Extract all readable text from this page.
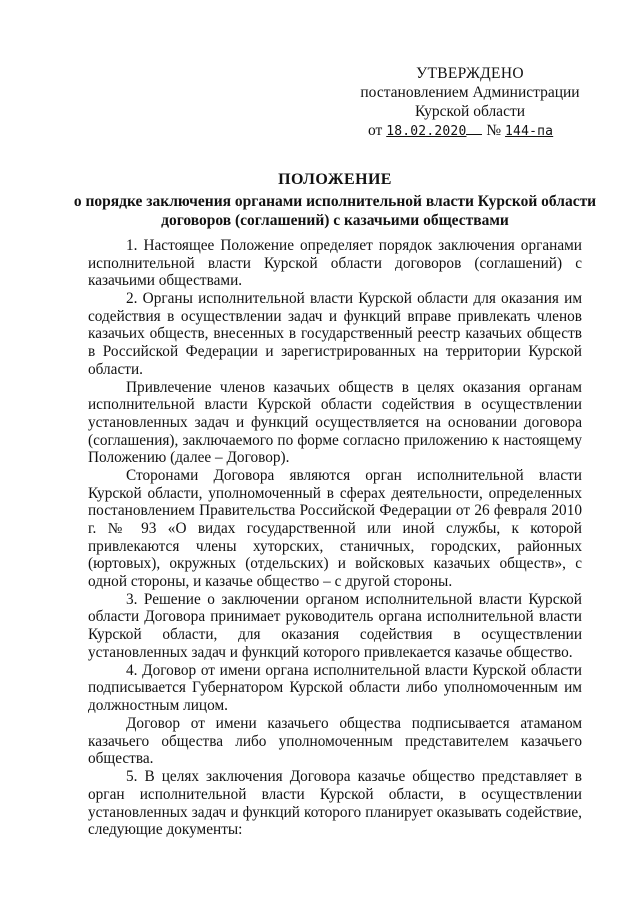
УТВЕРЖДЕНО
постановлением Администрации
Курской области
от 18.02.2020 № 144-па
ПОЛОЖЕНИЕ
о порядке заключения органами исполнительной власти Курской области договоров (соглашений) с казачьими обществами

1. Настоящее Положение определяет порядок заключения органами исполнительной власти Курской области договоров (соглашений) с казачьими обществами.

2. Органы исполнительной власти Курской области для оказания им содействия в осуществлении задач и функций вправе привлекать членов казачьих обществ, внесенных в государственный реестр казачьих обществ в Российской Федерации и зарегистрированных на территории Курской области.

Привлечение членов казачьих обществ в целях оказания органам исполнительной власти Курской области содействия в осуществлении установленных задач и функций осуществляется на основании договора (соглашения), заключаемого по форме согласно приложению к настоящему Положению (далее – Договор).

Сторонами Договора являются орган исполнительной власти Курской области, уполномоченный в сферах деятельности, определенных постановлением Правительства Российской Федерации от 26 февраля 2010 г. № 93 «О видах государственной или иной службы, к которой привлекаются члены хуторских, станичных, городских, районных (юртовых), окружных (отдельских) и войсковых казачьих обществ», с одной стороны, и казачье общество – с другой стороны.

3. Решение о заключении органом исполнительной власти Курской области Договора принимает руководитель органа исполнительной власти Курской области, для оказания содействия в осуществлении установленных задач и функций которого привлекается казачье общество.

4. Договор от имени органа исполнительной власти Курской области подписывается Губернатором Курской области либо уполномоченным им должностным лицом.

Договор от имени казачьего общества подписывается атаманом казачьего общества либо уполномоченным представителем казачьего общества.

5. В целях заключения Договора казачье общество представляет в орган исполнительной власти Курской области, в осуществлении установленных задач и функций которого планирует оказывать содействие, следующие документы:
